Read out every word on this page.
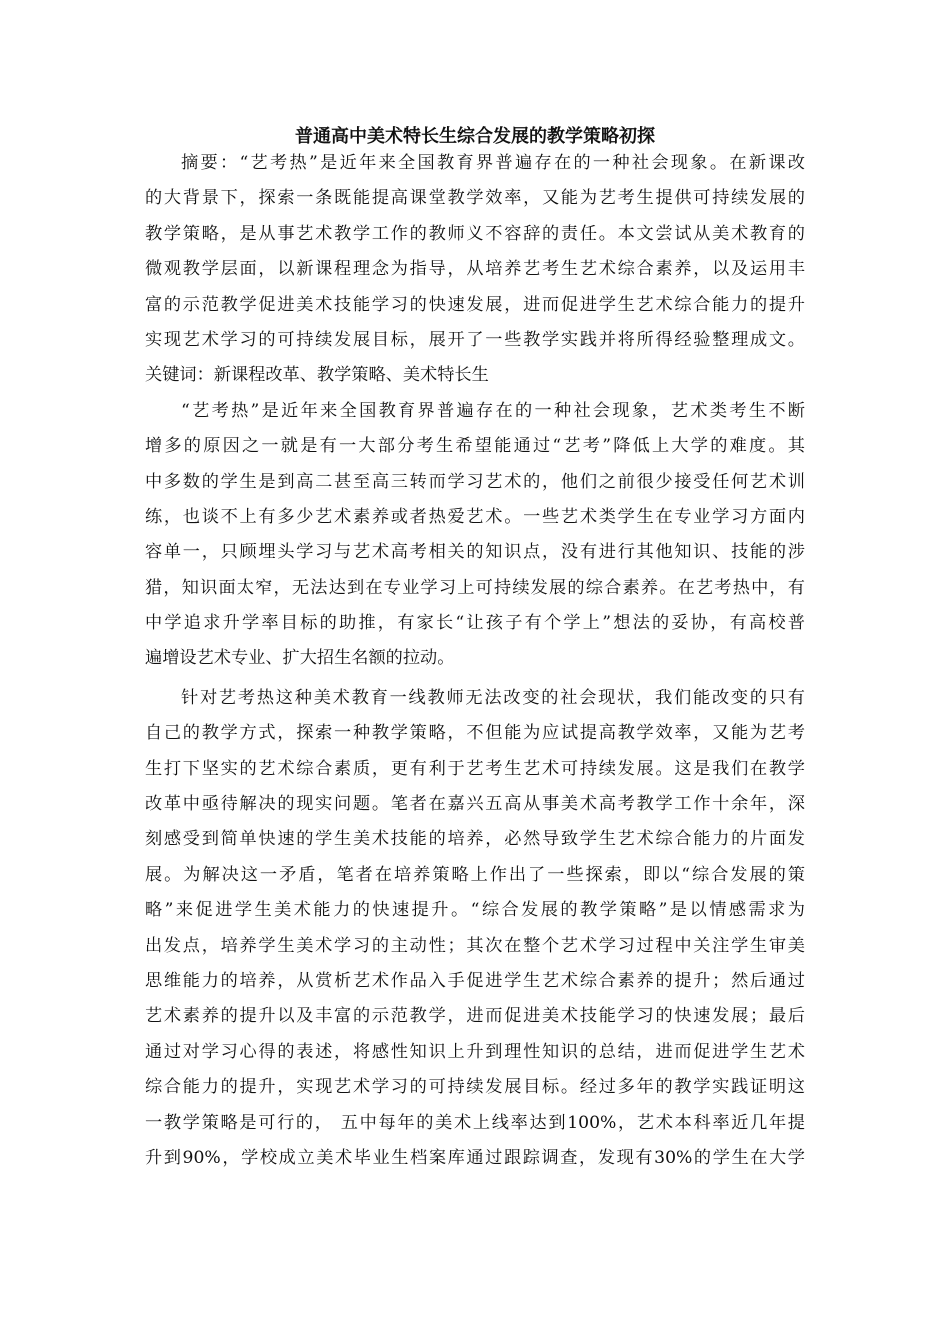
普通高中美术特长生综合发展的教学策略初探
摘要：“艺考热”是近年来全国教育界普遍存在的一种社会现象。在新课改
的大背景下，探索一条既能提高课堂教学效率，又能为艺考生提供可持续发展的
教学策略，是从事艺术教学工作的教师义不容辞的责任。本文尝试从美术教育的
微观教学层面，以新课程理念为指导，从培养艺考生艺术综合素养，以及运用丰
富的示范教学促进美术技能学习的快速发展，进而促进学生艺术综合能力的提升
实现艺术学习的可持续发展目标，展开了一些教学实践并将所得经验整理成文。
关键词：新课程改革、教学策略、美术特长生
“艺考热”是近年来全国教育界普遍存在的一种社会现象，艺术类考生不断
增多的原因之一就是有一大部分考生希望能通过“艺考”降低上大学的难度。其
中多数的学生是到高二甚至高三转而学习艺术的，他们之前很少接受任何艺术训
练，也谈不上有多少艺术素养或者热爱艺术。一些艺术类学生在专业学习方面内
容单一，只顾埋头学习与艺术高考相关的知识点，没有进行其他知识、技能的涉
猎，知识面太窄，无法达到在专业学习上可持续发展的综合素养。在艺考热中，有
中学追求升学率目标的助推，有家长“让孩子有个学上”想法的妥协，有高校普
遍增设艺术专业、扩大招生名额的拉动。
针对艺考热这种美术教育一线教师无法改变的社会现状，我们能改变的只有
自己的教学方式，探索一种教学策略，不但能为应试提高教学效率，又能为艺考
生打下坚实的艺术综合素质，更有利于艺考生艺术可持续发展。这是我们在教学
改革中亟待解决的现实问题。笔者在嘉兴五高从事美术高考教学工作十余年，深
刻感受到简单快速的学生美术技能的培养，必然导致学生艺术综合能力的片面发
展。为解决这一矛盾，笔者在培养策略上作出了一些探索，即以“综合发展的策
略”来促进学生美术能力的快速提升。“综合发展的教学策略”是以情感需求为
出发点，培养学生美术学习的主动性；其次在整个艺术学习过程中关注学生审美
思维能力的培养，从赏析艺术作品入手促进学生艺术综合素养的提升；然后通过
艺术素养的提升以及丰富的示范教学，进而促进美术技能学习的快速发展；最后
通过对学习心得的表述，将感性知识上升到理性知识的总结，进而促进学生艺术
综合能力的提升，实现艺术学习的可持续发展目标。经过多年的教学实践证明这
一教学策略是可行的， 五中每年的美术上线率达到100%，艺术本科率近几年提
升到90%，学校成立美术毕业生档案库通过跟踪调查，发现有30%的学生在大学
